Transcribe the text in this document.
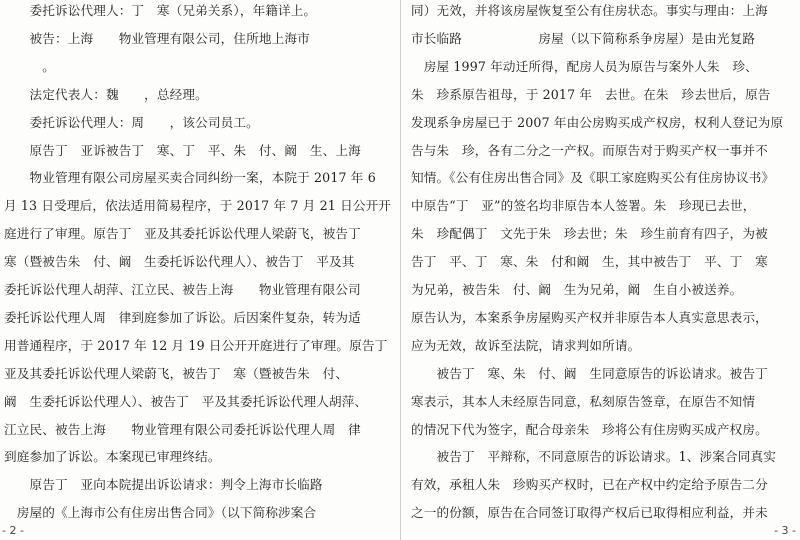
　　委托诉讼代理人：丁　寒（兄弟关系），年籍详上。
　　被告：上海　　物业管理有限公司，住所地上海市　　　　　
　　　。
　　法定代表人：魏　　，总经理。
　　委托诉讼代理人：周　　，该公司员工。
　　原告丁　亚诉被告丁　寒、丁　平、朱　付、阚　生、上海
　　物业管理有限公司房屋买卖合同纠纷一案，本院于 2017 年 6
月 13 日受理后，依法适用简易程序，于 2017 年 7 月 21 日公开开
庭进行了审理。原告丁　亚及其委托诉讼代理人梁蔚飞，被告丁
寒（暨被告朱　付、阚　生委托诉讼代理人）、被告丁　平及其
委托诉讼代理人胡萍、江立民、被告上海　　物业管理有限公司
委托诉讼代理人周　律到庭参加了诉讼。后因案件复杂，转为适
用普通程序，于 2017 年 12 月 19 日公开开庭进行了审理。原告丁
亚及其委托诉讼代理人梁蔚飞，被告丁　寒（暨被告朱　付、
阚　生委托诉讼代理人）、被告丁　平及其委托诉讼代理人胡萍、
江立民、被告上海　　物业管理有限公司委托诉讼代理人周　律
到庭参加了诉讼。本案现已审理终结。
　　原告丁　亚向本院提出诉讼请求：判令上海市长临路
　房屋的《上海市公有住房出售合同》（以下简称涉案合
- 2 -
同）无效，并将该房屋恢复至公有住房状态。事实与理由：上海
市长临路　　　　　　房屋（以下简称系争房屋）是由光复路
　房屋 1997 年动迁所得，配房人员为原告与案外人朱　珍、
朱　珍系原告祖母，于 2017 年　去世。在朱　珍去世后，原告
发现系争房屋已于 2007 年由公房购买成产权房，权利人登记为原
告与朱　珍，各有二分之一产权。而原告对于购买产权一事并不
知情。《公有住房出售合同》及《职工家庭购买公有住房协议书》
中原告“丁　亚”的签名均非原告本人签署。朱　珍现已去世，
朱　珍配偶丁　文先于朱　珍去世；朱　珍生前育有四子，为被
告丁　平、丁　寒、朱　付和阚　生，其中被告丁　平、丁　寒
为兄弟，被告朱　付、阚　生为兄弟，阚　生自小被送养。
原告认为，本案系争房屋购买产权并非原告本人真实意思表示，
应为无效，故诉至法院，请求判如所请。
　　被告丁　寒、朱　付、阚　生同意原告的诉讼请求。被告丁
寒表示，其本人未经原告同意，私刻原告签章，在原告不知情
的情况下代为签字，配合母亲朱　珍将公有住房购买成产权房。
　　被告丁　平辩称，不同意原告的诉讼请求。1、涉案合同真实
有效，承租人朱　珍购买产权时，已在产权中约定给予原告二分
之一的份额，原告在合同签订取得产权后已取得相应利益，并未
- 3 -
